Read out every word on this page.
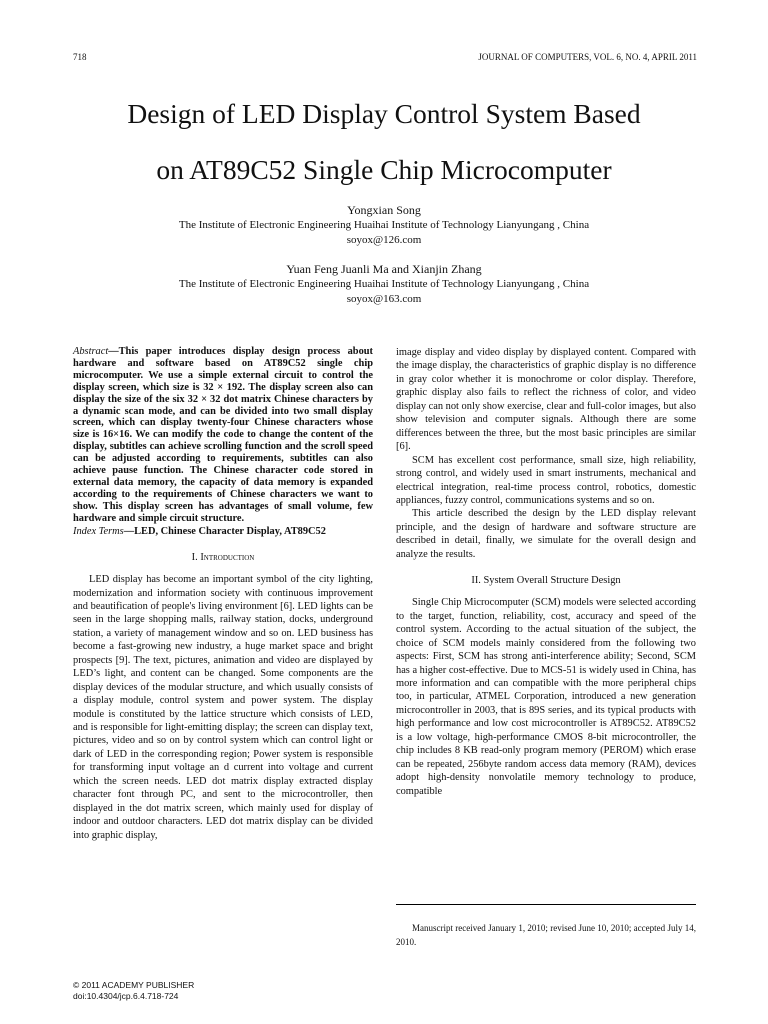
718	JOURNAL OF COMPUTERS, VOL. 6, NO. 4, APRIL 2011
Design of LED Display Control System Based
on AT89C52 Single Chip Microcomputer
Yongxian Song
The Institute of Electronic Engineering Huaihai Institute of Technology Lianyungang , China
soyox@126.com
Yuan Feng Juanli Ma and Xianjin Zhang
The Institute of Electronic Engineering Huaihai Institute of Technology Lianyungang , China
soyox@163.com

Abstract—This paper introduces display design process about hardware and software based on AT89C52 single chip microcomputer. We use a simple external circuit to control the display screen, which size is 32 × 192. The display screen also can display the size of the six 32 × 32 dot matrix Chinese characters by a dynamic scan mode, and can be divided into two small display screen, which can display twenty-four Chinese characters whose size is 16×16. We can modify the code to change the content of the display, subtitles can achieve scrolling function and the scroll speed can be adjusted according to requirements, subtitles can also achieve pause function. The Chinese character code stored in external data memory, the capacity of data memory is expanded according to the requirements of Chinese characters we want to show. This display screen has advantages of small volume, few hardware and simple circuit structure.

Index Terms—LED, Chinese Character Display, AT89C52

I. Introduction

LED display has become an important symbol of the city lighting, modernization and information society with continuous improvement and beautification of people's living environment [6]. LED lights can be seen in the large shopping malls, railway station, docks, underground station, a variety of management window and so on. LED business has become a fast-growing new industry, a huge market space and bright prospects [9]. The text, pictures, animation and video are displayed by LED’s light, and content can be changed. Some components are the display devices of the modular structure, and which usually consists of a display module, control system and power system. The display module is constituted by the lattice structure which consists of LED, and is responsible for light-emitting display; the screen can display text, pictures, video and so on by control system which can control light or dark of LED in the corresponding region; Power system is responsible for transforming input voltage an d current into voltage and current which the screen needs. LED dot matrix display extracted display character font through PC, and sent to the microcontroller, then displayed in the dot matrix screen, which mainly used for display of indoor and outdoor characters. LED dot matrix display can be divided into graphic display,

image display and video display by displayed content. Compared with the image display, the characteristics of graphic display is no difference in gray color whether it is monochrome or color display. Therefore, graphic display also fails to reflect the richness of color, and video display can not only show exercise, clear and full-color images, but also show television and computer signals. Although there are some differences between the three, but the most basic principles are similar [6].

SCM has excellent cost performance, small size, high reliability, strong control, and widely used in smart instruments, mechanical and electrical integration, real-time process control, robotics, domestic appliances, fuzzy control, communications systems and so on.

This article described the design by the LED display relevant principle, and the design of hardware and software structure are described in detail, finally, we simulate for the overall design and analyze the results.

II. System Overall Structure Design

Single Chip Microcomputer (SCM) models were selected according to the target, function, reliability, cost, accuracy and speed of the control system. According to the actual situation of the subject, the choice of SCM models mainly considered from the following two aspects: First, SCM has strong anti-interference ability; Second, SCM has a higher cost-effective. Due to MCS-51 is widely used in China, has more information and can compatible with the more peripheral chips too, in particular, ATMEL Corporation, introduced a new generation microcontroller in 2003, that is 89S series, and its typical products with high performance and low cost microcontroller is AT89C52. AT89C52 is a low voltage, high-performance CMOS 8-bit microcontroller, the chip includes 8 KB read-only program memory (PEROM) which erase can be repeated, 256byte random access data memory (RAM), devices adopt high-density nonvolatile memory technology to produce, compatible

Manuscript received January 1, 2010; revised June 10, 2010; accepted July 14, 2010.

© 2011 ACADEMY PUBLISHER
doi:10.4304/jcp.6.4.718-724
